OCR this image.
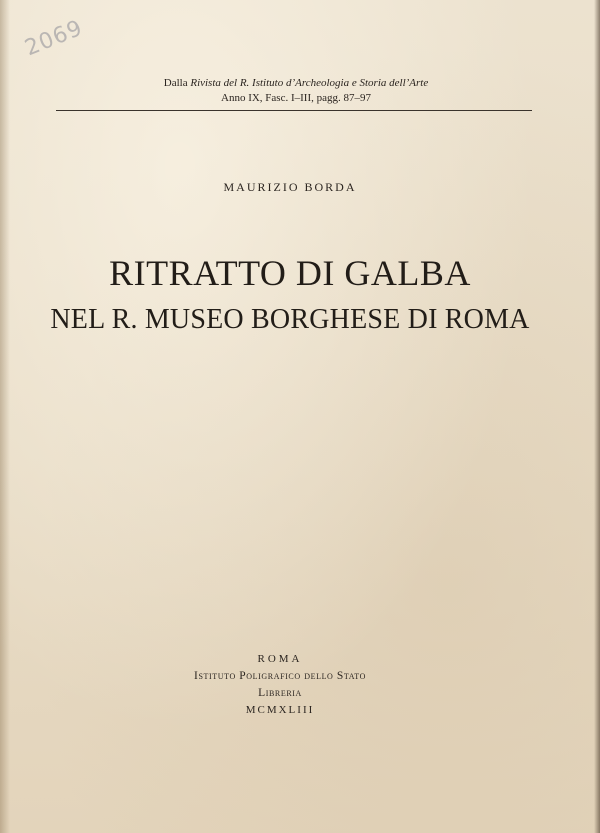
2069
Dalla Rivista del R. Istituto d’Archeologia e Storia dell’Arte
Anno IX, Fasc. I–III, pagg. 87–97
MAURIZIO BORDA
RITRATTO DI GALBA
NEL R. MUSEO BORGHESE DI ROMA
ROMA
Istituto Poligrafico dello Stato
Libreria
MCMXLIII
